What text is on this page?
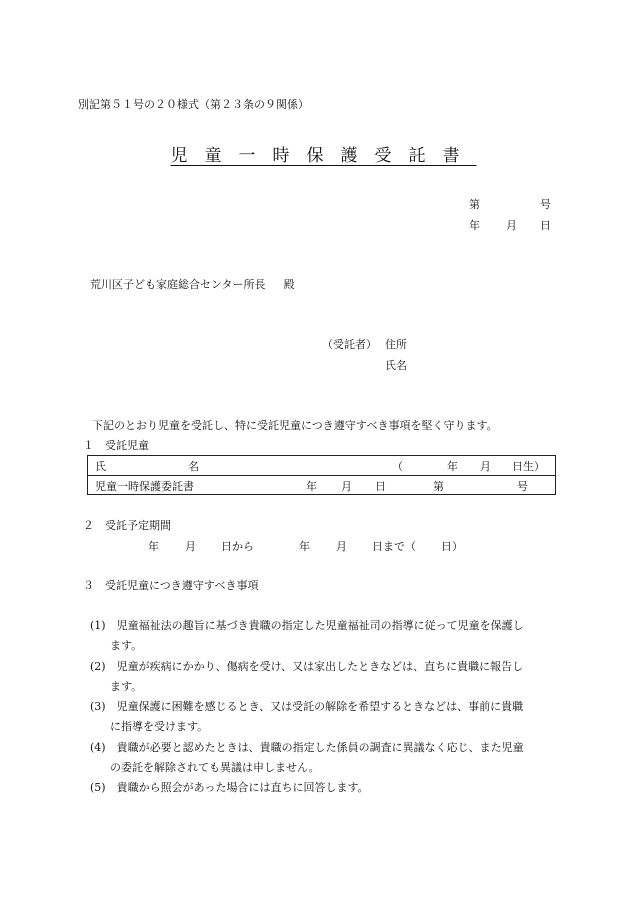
別記第５１号の２０様式（第２３条の９関係）
児童一時保護受託書
第	号
年 月 日
荒川区子ども家庭総合センター所長 殿
（受託者） 住所
氏名
下記のとおり児童を受託し、特に受託児童につき遵守すべき事項を堅く守ります。
１　受託児童
氏	名	（	年 月 日生）
児童一時保護委託書	年 月 日	第	号
２　受託予定期間
年 月 日から	年 月 日まで（ 日）
３　受託児童につき遵守すべき事項
(1)　児童福祉法の趣旨に基づき貴職の指定した児童福祉司の指導に従って児童を保護し
ます。
(2)　児童が疾病にかかり、傷病を受け、又は家出したときなどは、直ちに貴職に報告し
ます。
(3)　児童保護に困難を感じるとき、又は受託の解除を希望するときなどは、事前に貴職
に指導を受けます。
(4)　貴職が必要と認めたときは、貴職の指定した係員の調査に異議なく応じ、また児童
の委託を解除されても異議は申しません。
(5)　貴職から照会があった場合には直ちに回答します。
